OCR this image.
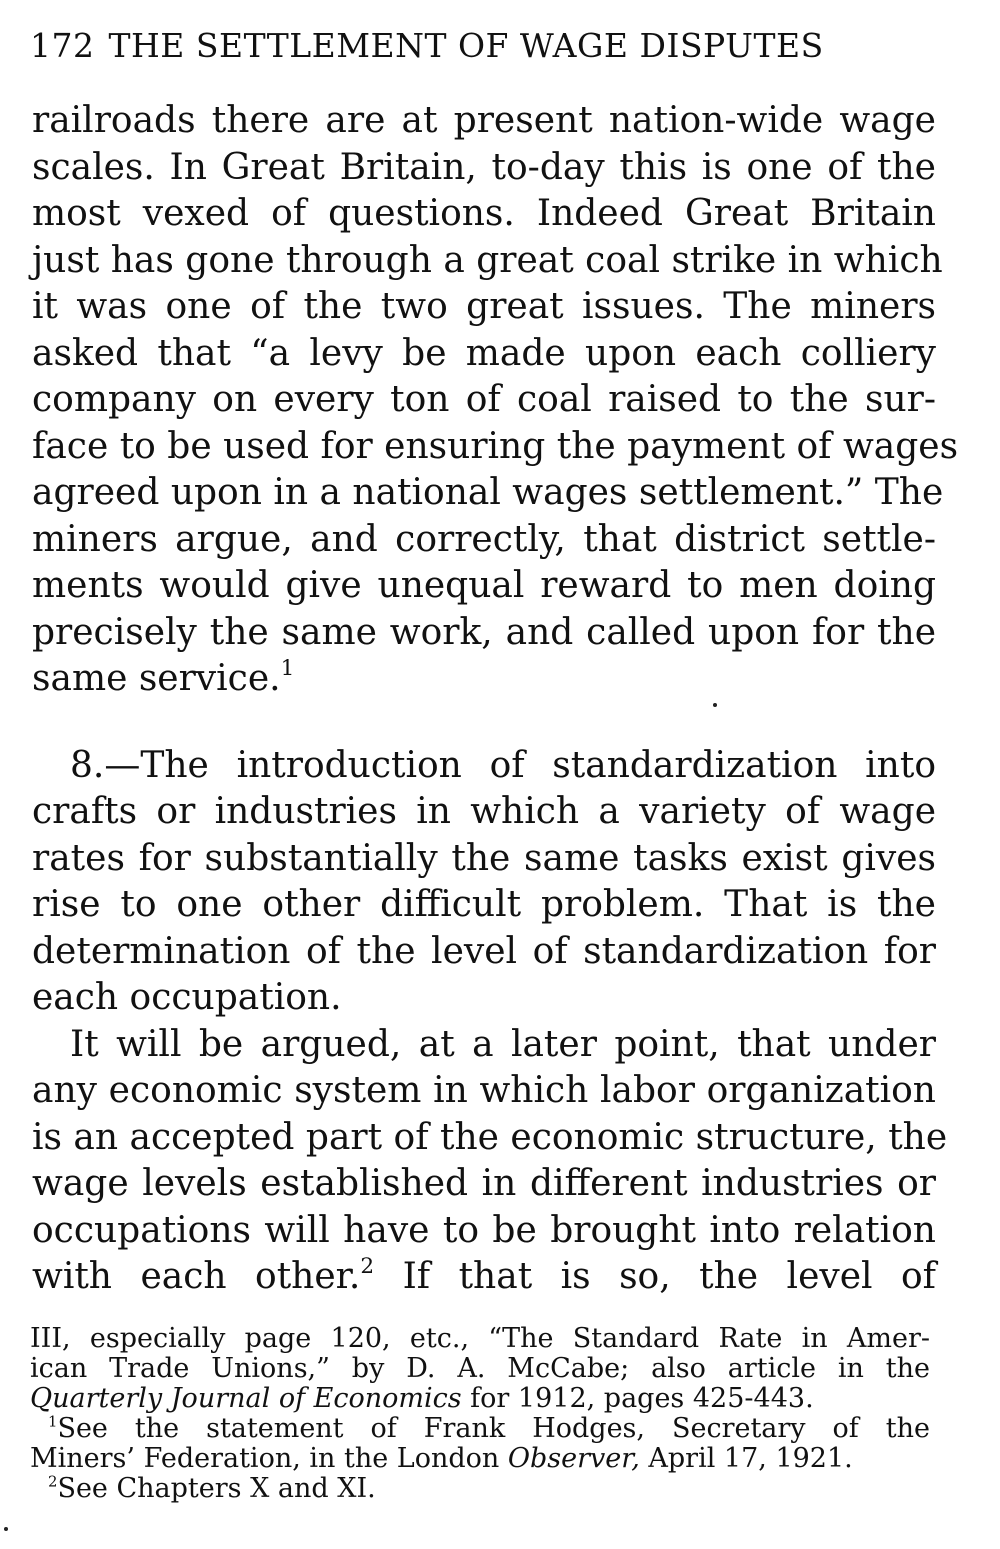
172 THE SETTLEMENT OF WAGE DISPUTES
railroads there are at present nation-wide wage
scales. In Great Britain, to-day this is one of the
most vexed of questions. Indeed Great Britain
just has gone through a great coal strike in which
it was one of the two great issues. The miners
asked that “a levy be made upon each colliery
company on every ton of coal raised to the sur-
face to be used for ensuring the payment of wages
agreed upon in a national wages settlement.” The
miners argue, and correctly, that district settle-
ments would give unequal reward to men doing
precisely the same work, and called upon for the
same service.$^1$
8.—The introduction of standardization into
crafts or industries in which a variety of wage
rates for substantially the same tasks exist gives
rise to one other difficult problem. That is the
determination of the level of standardization for
each occupation.
It will be argued, at a later point, that under
any economic system in which labor organization
is an accepted part of the economic structure, the
wage levels established in different industries or
occupations will have to be brought into relation
with each other.$^2$ If that is so, the level of
III, especially page 120, etc., “The Standard Rate in Amer-
ican Trade Unions,” by D. A. McCabe; also article in the
Quarterly Journal of Economics for 1912, pages 425-443.
$^1$See the statement of Frank Hodges, Secretary of the
Miners’ Federation, in the London Observer, April 17, 1921.
$^2$See Chapters X and XI.
